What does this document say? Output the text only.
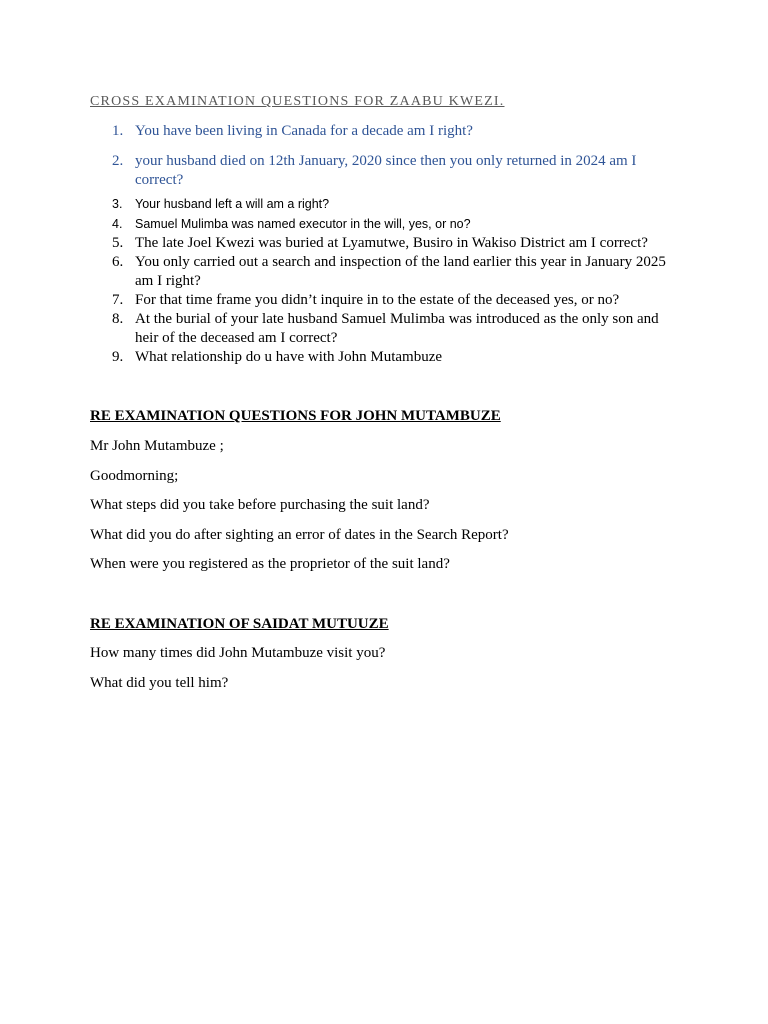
CROSS EXAMINATION QUESTIONS FOR ZAABU KWEZI.
1. You have been living in Canada for a decade am I right?
2. your husband died on 12th January, 2020 since then you only returned in 2024 am I correct?
3. Your husband left a will am a right?
4. Samuel Mulimba was named executor in the will, yes, or no?
5. The late Joel Kwezi was buried at Lyamutwe, Busiro in Wakiso District am I correct?
6. You only carried out a search and inspection of the land earlier this year in January 2025 am I right?
7. For that time frame you didn’t inquire in to the estate of the deceased yes, or no?
8. At the burial of your late husband Samuel Mulimba was introduced as the only son and heir of the deceased am I correct?
9. What relationship do u have with John Mutambuze
RE EXAMINATION QUESTIONS FOR JOHN MUTAMBUZE
Mr John Mutambuze ;
Goodmorning;
What steps did you take before purchasing the suit land?
What did you do after sighting an error of dates in the Search Report?
When were you registered as the proprietor of the suit land?
RE EXAMINATION OF SAIDAT MUTUUZE
How many times did John Mutambuze visit you?
What did you tell him?
